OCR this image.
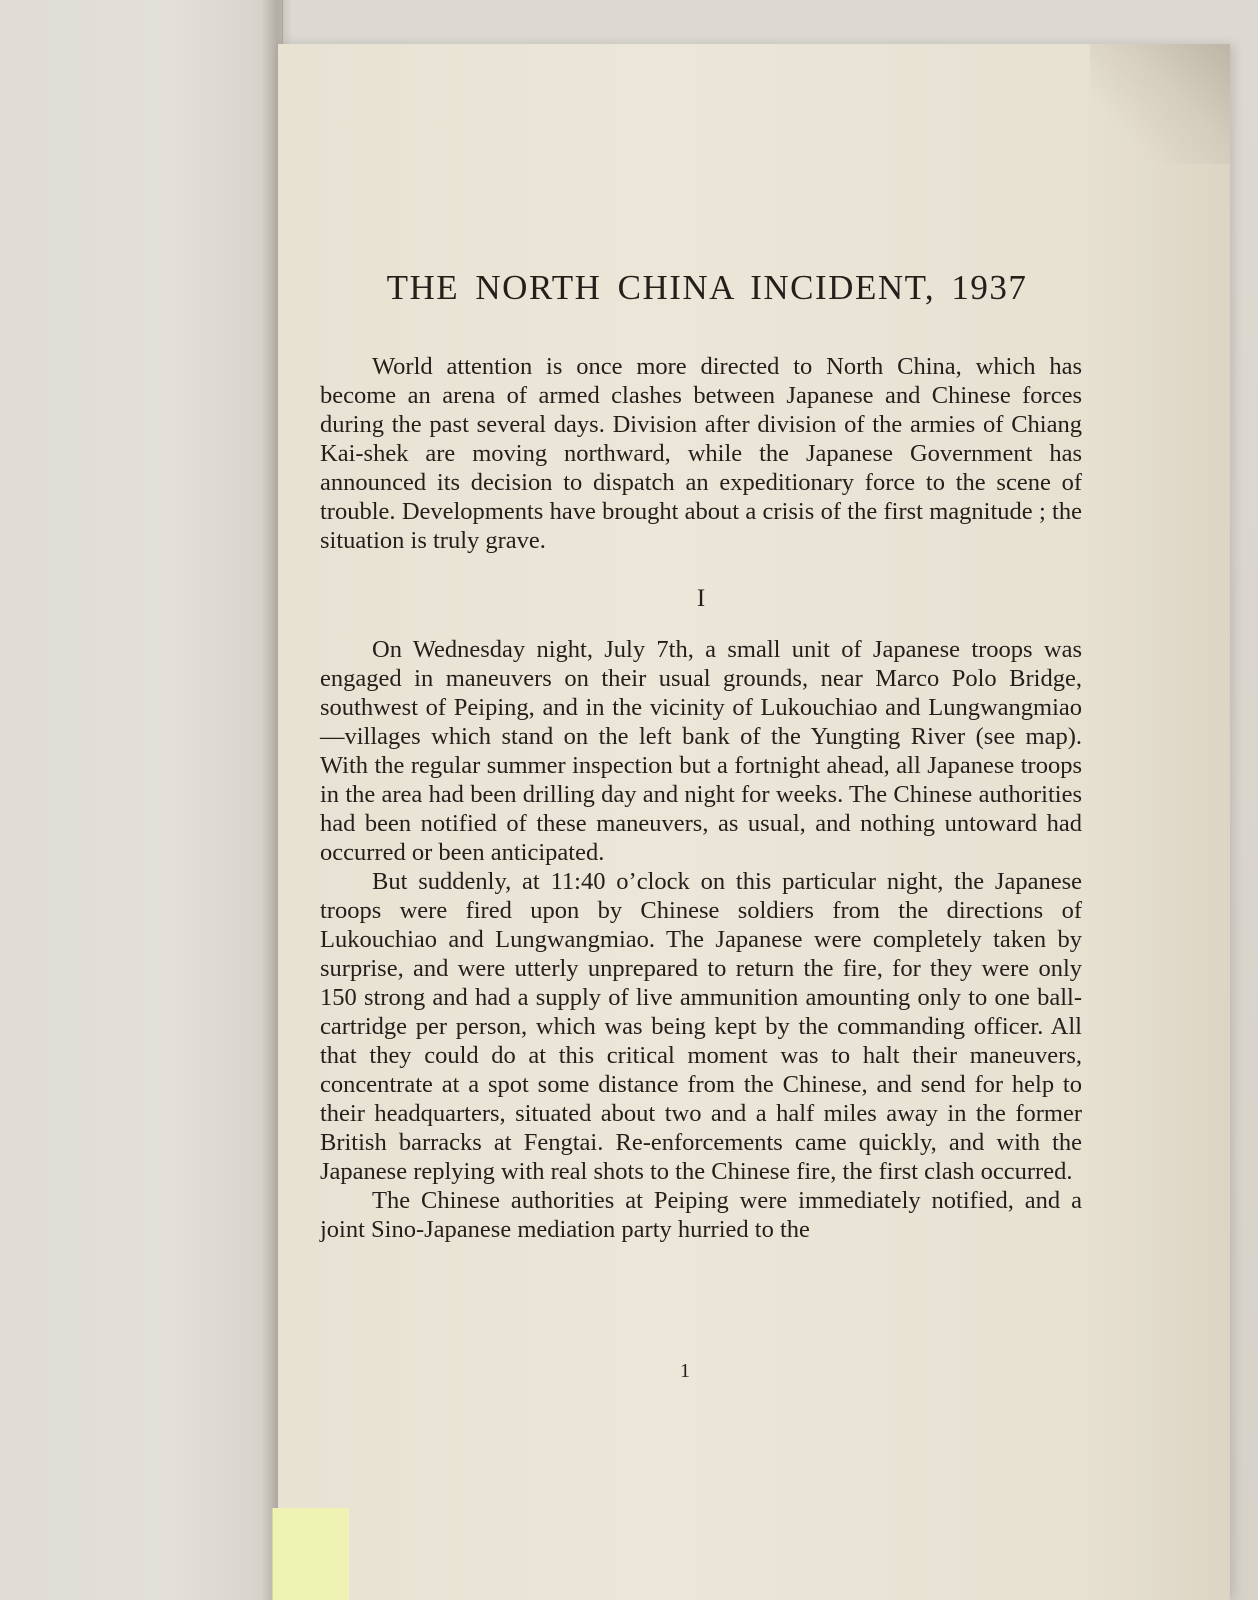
THE NORTH CHINA INCIDENT, 1937

World attention is once more directed to North China, which has become an arena of armed clashes between Japanese and Chinese forces during the past several days. Division after division of the armies of Chiang Kai-shek are moving northward, while the Japanese Government has announced its decision to dispatch an expeditionary force to the scene of trouble. Developments have brought about a crisis of the first magnitude ; the situation is truly grave.

I

On Wednesday night, July 7th, a small unit of Japanese troops was engaged in maneuvers on their usual grounds, near Marco Polo Bridge, southwest of Peiping, and in the vicinity of Lukouchiao and Lungwangmiao—villages which stand on the left bank of the Yungting River (see map). With the regular summer inspection but a fortnight ahead, all Japanese troops in the area had been drilling day and night for weeks. The Chinese authorities had been notified of these maneuvers, as usual, and nothing untoward had occurred or been anticipated.

But suddenly, at 11:40 o’clock on this particular night, the Japanese troops were fired upon by Chinese soldiers from the directions of Lukouchiao and Lungwangmiao. The Japanese were completely taken by surprise, and were utterly unprepared to return the fire, for they were only 150 strong and had a supply of live ammunition amounting only to one ball-cartridge per person, which was being kept by the commanding officer. All that they could do at this critical moment was to halt their maneuvers, concentrate at a spot some distance from the Chinese, and send for help to their headquarters, situated about two and a half miles away in the former British barracks at Fengtai. Re-enforcements came quickly, and with the Japanese replying with real shots to the Chinese fire, the first clash occurred.

The Chinese authorities at Peiping were immediately notified, and a joint Sino-Japanese mediation party hurried to the

1
